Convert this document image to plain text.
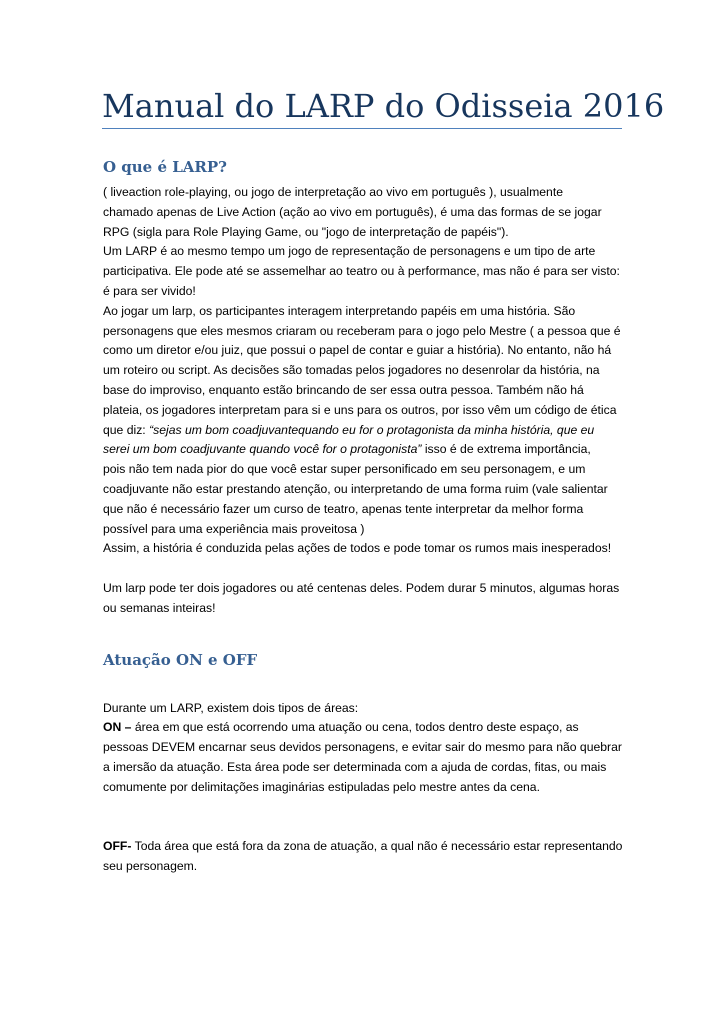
Manual do LARP do Odisseia 2016
O que é LARP?
( liveaction role-playing, ou jogo de interpretação ao vivo em português ), usualmente
chamado apenas de Live Action (ação ao vivo em português), é uma das formas de se jogar
RPG (sigla para Role Playing Game, ou "jogo de interpretação de papéis").
Um LARP é ao mesmo tempo um jogo de representação de personagens e um tipo de arte
participativa. Ele pode até se assemelhar ao teatro ou à performance, mas não é para ser visto:
é para ser vivido!
Ao jogar um larp, os participantes interagem interpretando papéis em uma história. São
personagens que eles mesmos criaram ou receberam para o jogo pelo Mestre ( a pessoa que é
como um diretor e/ou juiz, que possui o papel de contar e guiar a história). No entanto, não há
um roteiro ou script. As decisões são tomadas pelos jogadores no desenrolar da história, na
base do improviso, enquanto estão brincando de ser essa outra pessoa. Também não há
plateia, os jogadores interpretam para si e uns para os outros, por isso vêm um código de ética
que diz: “sejas um bom coadjuvantequando eu for o protagonista da minha história, que eu
serei um bom coadjuvante quando você for o protagonista” isso é de extrema importância,
pois não tem nada pior do que você estar super personificado em seu personagem, e um
coadjuvante não estar prestando atenção, ou interpretando de uma forma ruim (vale salientar
que não é necessário fazer um curso de teatro, apenas tente interpretar da melhor forma
possível para uma experiência mais proveitosa )
Assim, a história é conduzida pelas ações de todos e pode tomar os rumos mais inesperados!
Um larp pode ter dois jogadores ou até centenas deles. Podem durar 5 minutos, algumas horas
ou semanas inteiras!
Atuação ON e OFF
Durante um LARP, existem dois tipos de áreas:
ON – área em que está ocorrendo uma atuação ou cena, todos dentro deste espaço, as
pessoas DEVEM encarnar seus devidos personagens, e evitar sair do mesmo para não quebrar
a imersão da atuação. Esta área pode ser determinada com a ajuda de cordas, fitas, ou mais
comumente por delimitações imaginárias estipuladas pelo mestre antes da cena.
OFF- Toda área que está fora da zona de atuação, a qual não é necessário estar representando
seu personagem.
